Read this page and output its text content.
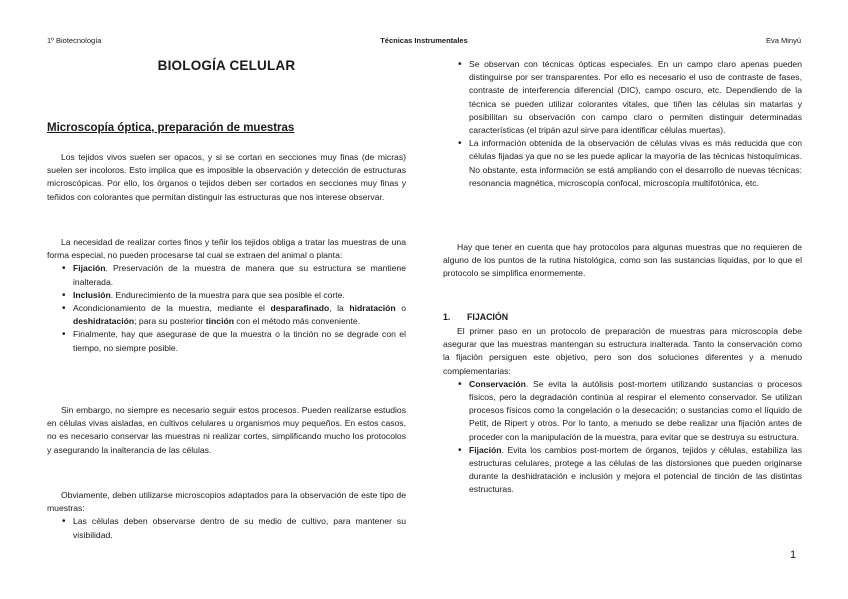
1º Biotecnología	Técnicas Instrumentales	Eva Minyú
BIOLOGÍA CELULAR
Microscopía óptica, preparación de muestras

Los tejidos vivos suelen ser opacos, y si se cortan en secciones muy finas (de micras) suelen ser incoloros. Esto implica que es imposible la observación y detección de estructuras microscópicas. Por ello, los órganos o tejidos deben ser cortados en secciones muy finas y teñidos con colorantes que permitan distinguir las estructuras que nos interese observar.

La necesidad de realizar cortes finos y teñir los tejidos obliga a tratar las muestras de una forma especial, no pueden procesarse tal cual se extraen del animal o planta:

• Fijación. Preservación de la muestra de manera que su estructura se mantiene inalterada.
• Inclusión. Endurecimiento de la muestra para que sea posible el corte.
• Acondicionamiento de la muestra, mediante el desparafinado, la hidratación o deshidratación; para su posterior tinción con el método más conveniente.
• Finalmente, hay que asegurase de que la muestra o la tinción no se degrade con el tiempo, no siempre posible.

Sin embargo, no siempre es necesario seguir estos procesos. Pueden realizarse estudios en células vivas aisladas, en cultivos celulares u organismos muy pequeños. En estos casos, no es necesario conservar las muestras ni realizar cortes, simplificando mucho los protocolos y asegurando la inalterancia de las células.

Obviamente, deben utilizarse microscopios adaptados para la observación de este tipo de muestras:

• Las células deben observarse dentro de su medio de cultivo, para mantener su visibilidad.
• Se observan con técnicas ópticas especiales. En un campo claro apenas pueden distinguirse por ser transparentes. Por ello es necesario el uso de contraste de fases, contraste de interferencia diferencial (DIC), campo oscuro, etc. Dependiendo de la técnica se pueden utilizar colorantes vitales, que tiñen las células sin matarlas y posibilitan su observación con campo claro o permiten distinguir determinadas características (el tripán azul sirve para identificar células muertas).
• La información obtenida de la observación de células vivas es más reducida que con células fijadas ya que no se les puede aplicar la mayoría de las técnicas histoquímicas. No obstante, esta información se está ampliando con el desarrollo de nuevas técnicas: resonancia magnética, microscopía confocal, microscopía multifotónica, etc.

Hay que tener en cuenta que hay protocolos para algunas muestras que no requieren de alguno de los puntos de la rutina histológica, como son las sustancias líquidas, por lo que el protocolo se simplifica enormemente.

1. FIJACIÓN

El primer paso en un protocolo de preparación de muestras para microscopía debe asegurar que las muestras mantengan su estructura inalterada. Tanto la conservación como la fijación persiguen este objetivo, pero son dos soluciones diferentes y a menudo complementarias:

• Conservación. Se evita la autólisis post-mortem utilizando sustancias o procesos físicos, pero la degradación continúa al respirar el elemento conservador. Se utilizan procesos físicos como la congelación o la desecación; o sustancias como el líquido de Petit, de Ripert y otros. Por lo tanto, a menudo se debe realizar una fijación antes de proceder con la manipulación de la muestra, para evitar que se destruya su estructura.
• Fijación. Evita los cambios post-mortem de órganos, tejidos y células, estabiliza las estructuras celulares, protege a las células de las distorsiones que pueden originarse durante la deshidratación e inclusión y mejora el potencial de tinción de las distintas estructuras.
1
